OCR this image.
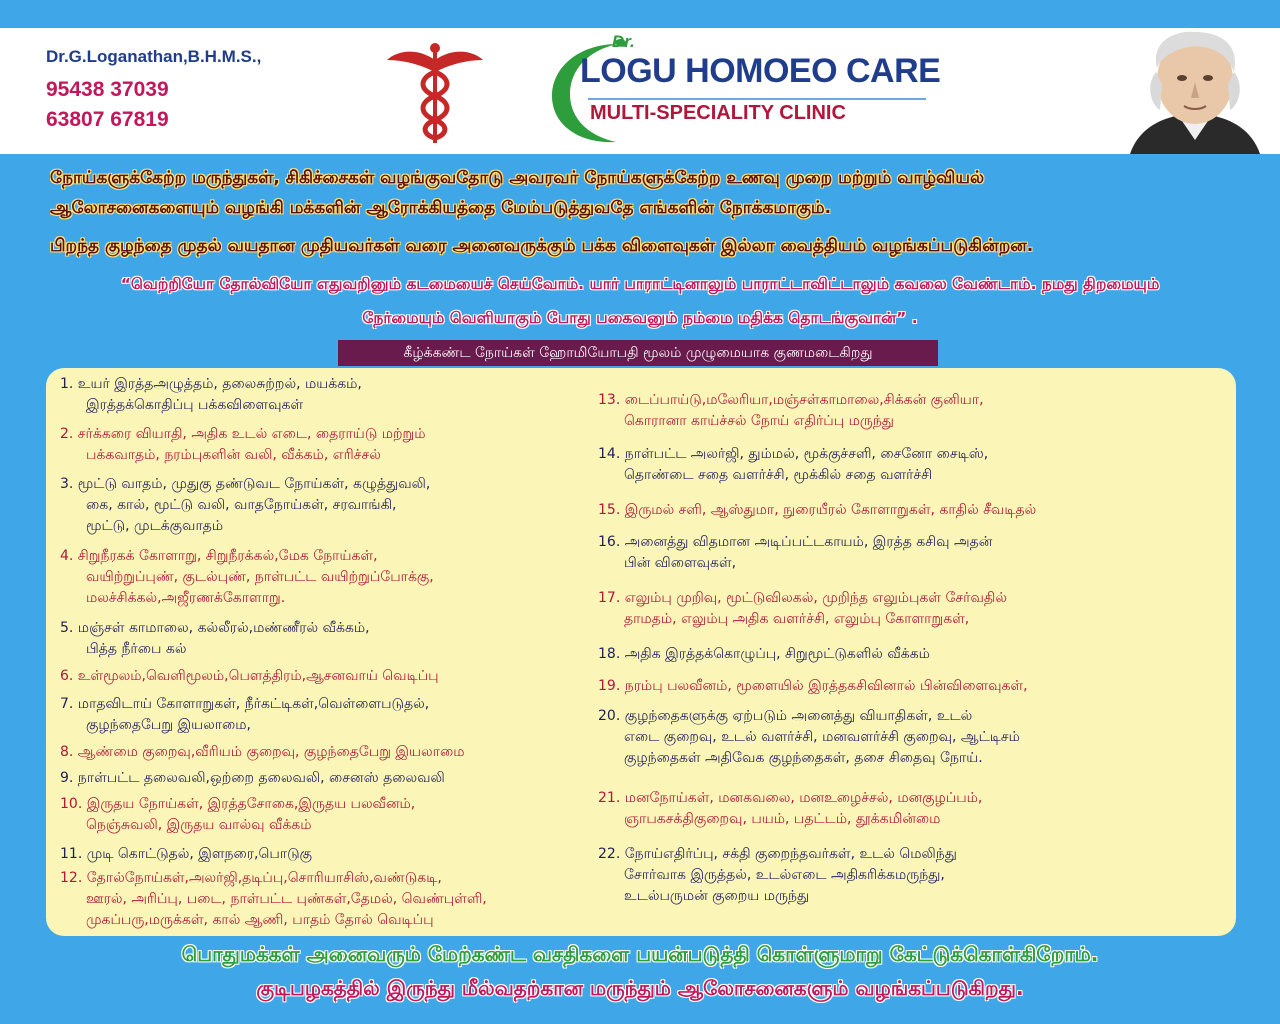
Dr.G.Loganathan,B.H.M.S.,
95438 37039
63807 67819
Dr.
LOGU HOMOEO CARE
MULTI-SPECIALITY CLINIC
நோய்களுக்கேற்ற மருந்துகள், சிகிச்சைகள் வழங்குவதோடு அவரவர் நோய்களுக்கேற்ற உணவு முறை மற்றும் வாழ்வியல்
ஆலோசனைகளையும் வழங்கி மக்களின் ஆரோக்கியத்தை மேம்படுத்துவதே எங்களின் நோக்கமாகும்.
பிறந்த குழந்தை முதல் வயதான முதியவர்கள் வரை அனைவருக்கும் பக்க விளைவுகள் இல்லா வைத்தியம் வழங்கப்படுகின்றன.
“வெற்றியோ தோல்வியோ எதுவறினும் கடமையைச் செய்வோம். யார் பாராட்டினாலும் பாராட்டாவிட்டாலும் கவலை வேண்டாம். நமது திறமையும்
நேர்மையும் வெளியாகும் போது பகைவனும் நம்மை மதிக்க தொடங்குவான்” .
கீழ்க்கண்ட நோய்கள் ஹோமியோபதி மூலம் முழுமையாக குணமடைகிறது
1. உயர் இரத்தஅழுத்தம், தலைசுற்றல், மயக்கம்,
இரத்தக்கொதிப்பு பக்கவிளைவுகள்
2. சர்க்கரை வியாதி, அதிக உடல் எடை, தைராய்டு மற்றும்
பக்கவாதம், நரம்புகளின் வலி, வீக்கம், எரிச்சல்
3. மூட்டு வாதம், முதுகு தண்டுவட நோய்கள், கழுத்துவலி,
கை, கால், மூட்டு வலி, வாதநோய்கள், சரவாங்கி,
மூட்டு, முடக்குவாதம்
4. சிறுநீரகக் கோளாறு, சிறுநீரக்கல்,மேக நோய்கள்,
வயிற்றுப்புண், குடல்புண், நாள்பட்ட வயிற்றுப்போக்கு,
மலச்சிக்கல்,அஜீரணக்கோளாறு.
5. மஞ்சள் காமாலை, கல்லீரல்,மண்ணீரல் வீக்கம்,
பித்த நீர்பை கல்
6. உள்மூலம்,வெளிமூலம்,பௌத்திரம்,ஆசனவாய் வெடிப்பு
7. மாதவிடாய் கோளாறுகள், நீர்கட்டிகள்,வெள்ளைபடுதல்,
குழந்தைபேறு இயலாமை,
8. ஆண்மை குறைவு,வீரியம் குறைவு, குழந்தைபேறு இயலாமை
9. நாள்பட்ட தலைவலி,ஒற்றை தலைவலி, சைனஸ் தலைவலி
10. இருதய நோய்கள், இரத்தசோகை,இருதய பலவீனம்,
நெஞ்சுவலி, இருதய வால்வு வீக்கம்
11. முடி கொட்டுதல், இளநரை,பொடுகு
12. தோல்நோய்கள்,அலர்ஜி,தடிப்பு,சொரியாசிஸ்,வண்டுகடி,
ஊரல், அரிப்பு, படை, நாள்பட்ட புண்கள்,தேமல், வெண்புள்ளி,
முகப்பரு,மருக்கள், கால் ஆணி, பாதம் தோல் வெடிப்பு
13. டைப்பாய்டு,மலேரியா,மஞ்சள்காமாலை,சிக்கன் குனியா,
கொரானா காய்ச்சல் நோய் எதிர்ப்பு மருந்து
14. நாள்பட்ட அலர்ஜி, தும்மல், மூக்குச்சளி, சைனோ சைடிஸ்,
தொண்டை சதை வளர்ச்சி, மூக்கில் சதை வளர்ச்சி
15. இருமல் சளி, ஆஸ்துமா, நுரையீரல் கோளாறுகள், காதில் சீவடிதல்
16. அனைத்து விதமான அடிப்பட்டகாயம், இரத்த கசிவு அதன்
பின் விளைவுகள்,
17. எலும்பு முறிவு, மூட்டுவிலகல், முறிந்த எலும்புகள் சேர்வதில்
தாமதம், எலும்பு அதிக வளர்ச்சி, எலும்பு கோளாறுகள்,
18. அதிக இரத்தக்கொழுப்பு, சிறுமூட்டுகளில் வீக்கம்
19. நரம்பு பலவீனம், மூளையில் இரத்தகசிவினால் பின்விளைவுகள்,
20. குழந்தைகளுக்கு ஏற்படும் அனைத்து வியாதிகள், உடல்
எடை குறைவு, உடல் வளர்ச்சி, மனவளர்ச்சி குறைவு, ஆட்டிசம்
குழந்தைகள் அதிவேக குழந்தைகள், தசை சிதைவு நோய்.
21. மனநோய்கள், மனகவலை, மனஉழைச்சல், மனகுழப்பம்,
ஞாபகசக்திகுறைவு, பயம், பதட்டம், தூக்கமின்மை
22. நோய்எதிர்ப்பு, சக்தி குறைந்தவர்கள், உடல் மெலிந்து
சோர்வாக இருத்தல், உடல்எடை அதிகரிக்கமருந்து,
உடல்பருமன் குறைய மருந்து
பொதுமக்கள் அனைவரும் மேற்கண்ட வசதிகளை பயன்படுத்தி கொள்ளுமாறு கேட்டுக்கொள்கிறோம்.
குடிபழகத்தில் இருந்து மீல்வதற்கான மருந்தும் ஆலோசனைகளும் வழங்கப்படுகிறது.
